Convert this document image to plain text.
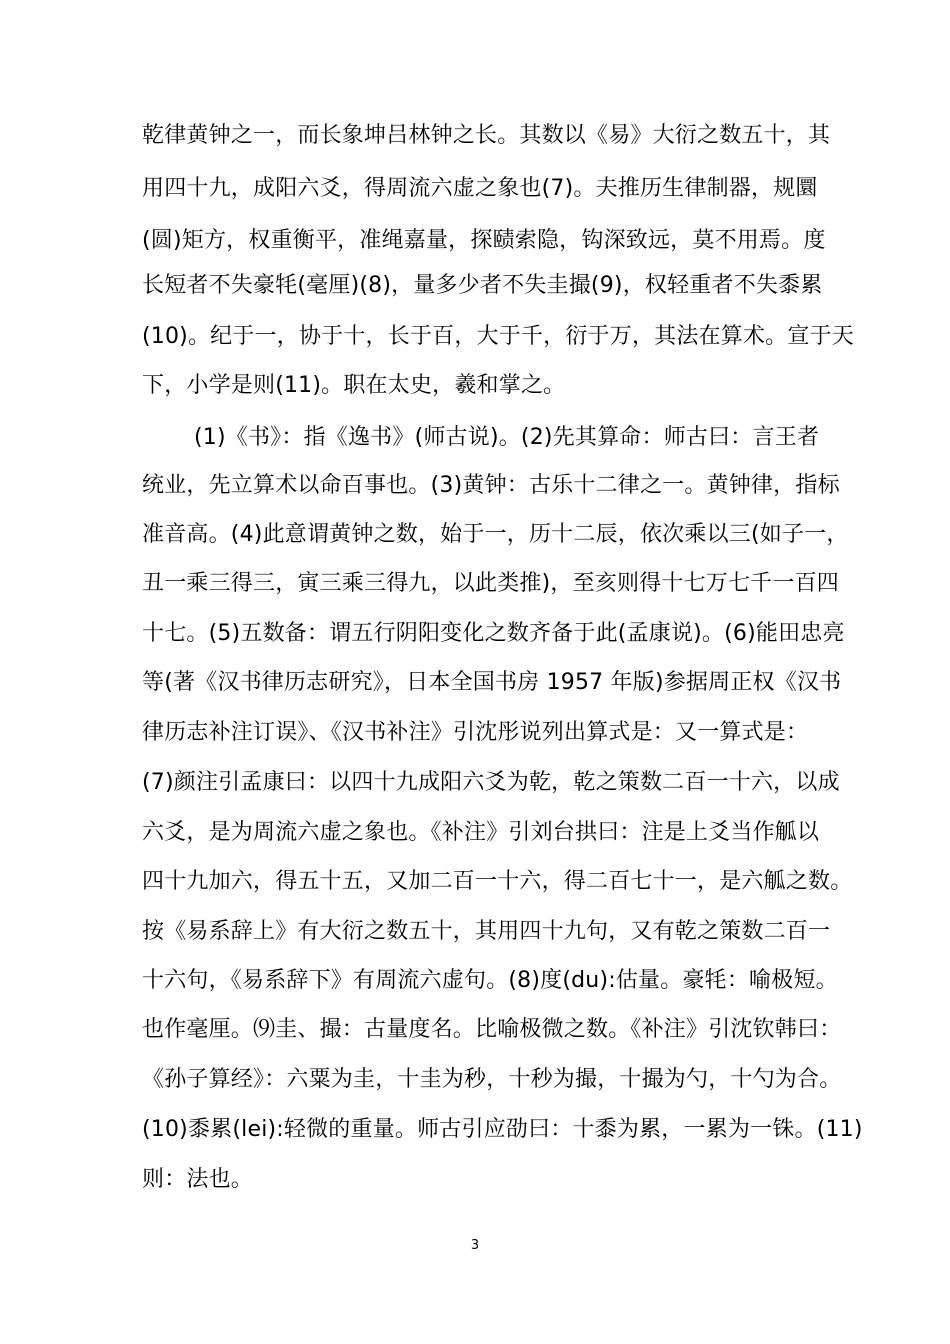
乾律黄钟之一，而长象坤吕林钟之长。其数以《易》大衍之数五十，其
用四十九，成阳六爻，得周流六虚之象也(7)。夫推历生律制器，规圜
(圆)矩方，权重衡平，准绳嘉量，探赜索隐，钩深致远，莫不用焉。度
长短者不失豪牦(毫厘)(8)，量多少者不失圭撮(9)，权轻重者不失黍累
(10)。纪于一，协于十，长于百，大于千，衍于万，其法在算术。宣于天
下，小学是则(11)。职在太史，羲和掌之。
(1)《书》：指《逸书》(师古说)。(2)先其算命：师古曰：言王者
统业，先立算术以命百事也。(3)黄钟：古乐十二律之一。黄钟律，指标
准音高。(4)此意谓黄钟之数，始于一，历十二辰，依次乘以三(如子一，
丑一乘三得三，寅三乘三得九，以此类推)，至亥则得十七万七千一百四
十七。(5)五数备：谓五行阴阳变化之数齐备于此(孟康说)。(6)能田忠亮
等(著《汉书律历志研究》，日本全国书房 1957 年版)参据周正权《汉书
律历志补注订误》、《汉书补注》引沈彤说列出算式是：又一算式是：
(7)颜注引孟康曰：以四十九成阳六爻为乾，乾之策数二百一十六，以成
六爻，是为周流六虚之象也。《补注》引刘台拱曰：注是上爻当作觚以
四十九加六，得五十五，又加二百一十六，得二百七十一，是六觚之数。
按《易系辞上》有大衍之数五十，其用四十九句，又有乾之策数二百一
十六句，《易系辞下》有周流六虚句。(8)度(du):估量。豪牦：喻极短。
也作毫厘。⑼圭、撮：古量度名。比喻极微之数。《补注》引沈钦韩曰：
《孙子算经》：六粟为圭，十圭为秒，十秒为撮，十撮为勺，十勺为合。
(10)黍累(lei):轻微的重量。师古引应劭曰：十黍为累，一累为一铢。(11)
则：法也。
3
